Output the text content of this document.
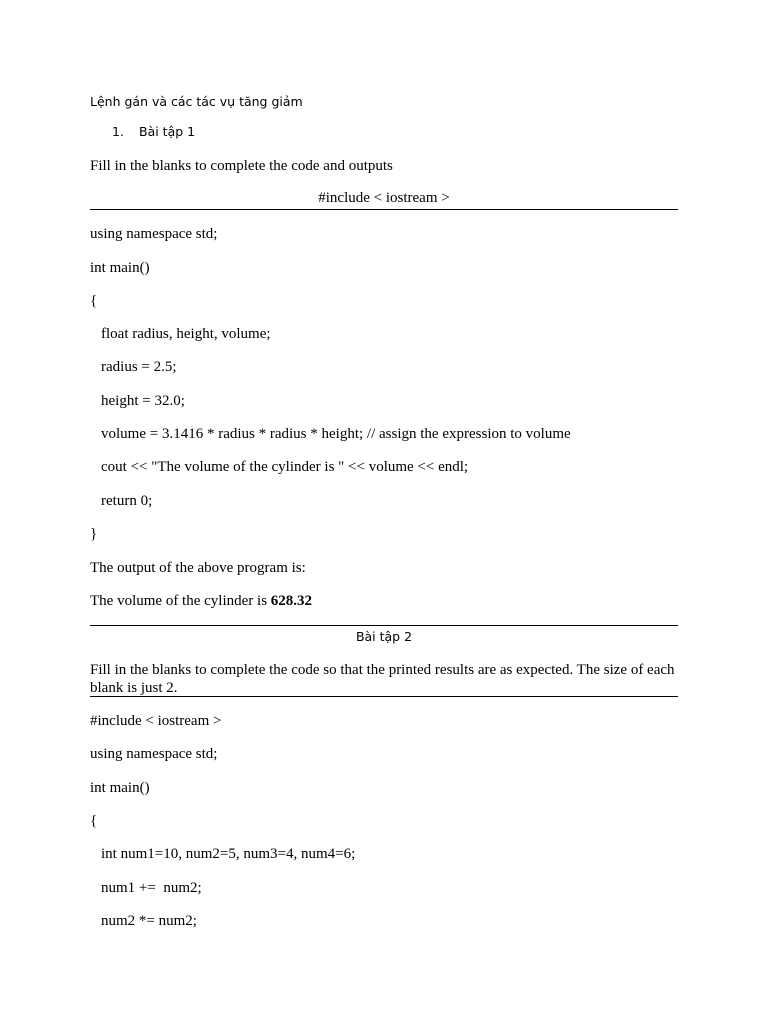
Lệnh gán và các tác vụ tăng giảm
1. Bài tập 1
Fill in the blanks to complete the code and outputs
#include < iostream >
using namespace std;
int main()
{
float radius, height, volume;
radius = 2.5;
height = 32.0;
volume = 3.1416 * radius * radius * height; // assign the expression to volume
cout << "The volume of the cylinder is " << volume << endl;
return 0;
}
The output of the above program is:
The volume of the cylinder is 628.32
Bài tập 2
Fill in the blanks to complete the code so that the printed results are as expected. The size of each
blank is just 2.
#include < iostream >
using namespace std;
int main()
{
int num1=10, num2=5, num3=4, num4=6;
num1 +=  num2;
num2 *= num2;
